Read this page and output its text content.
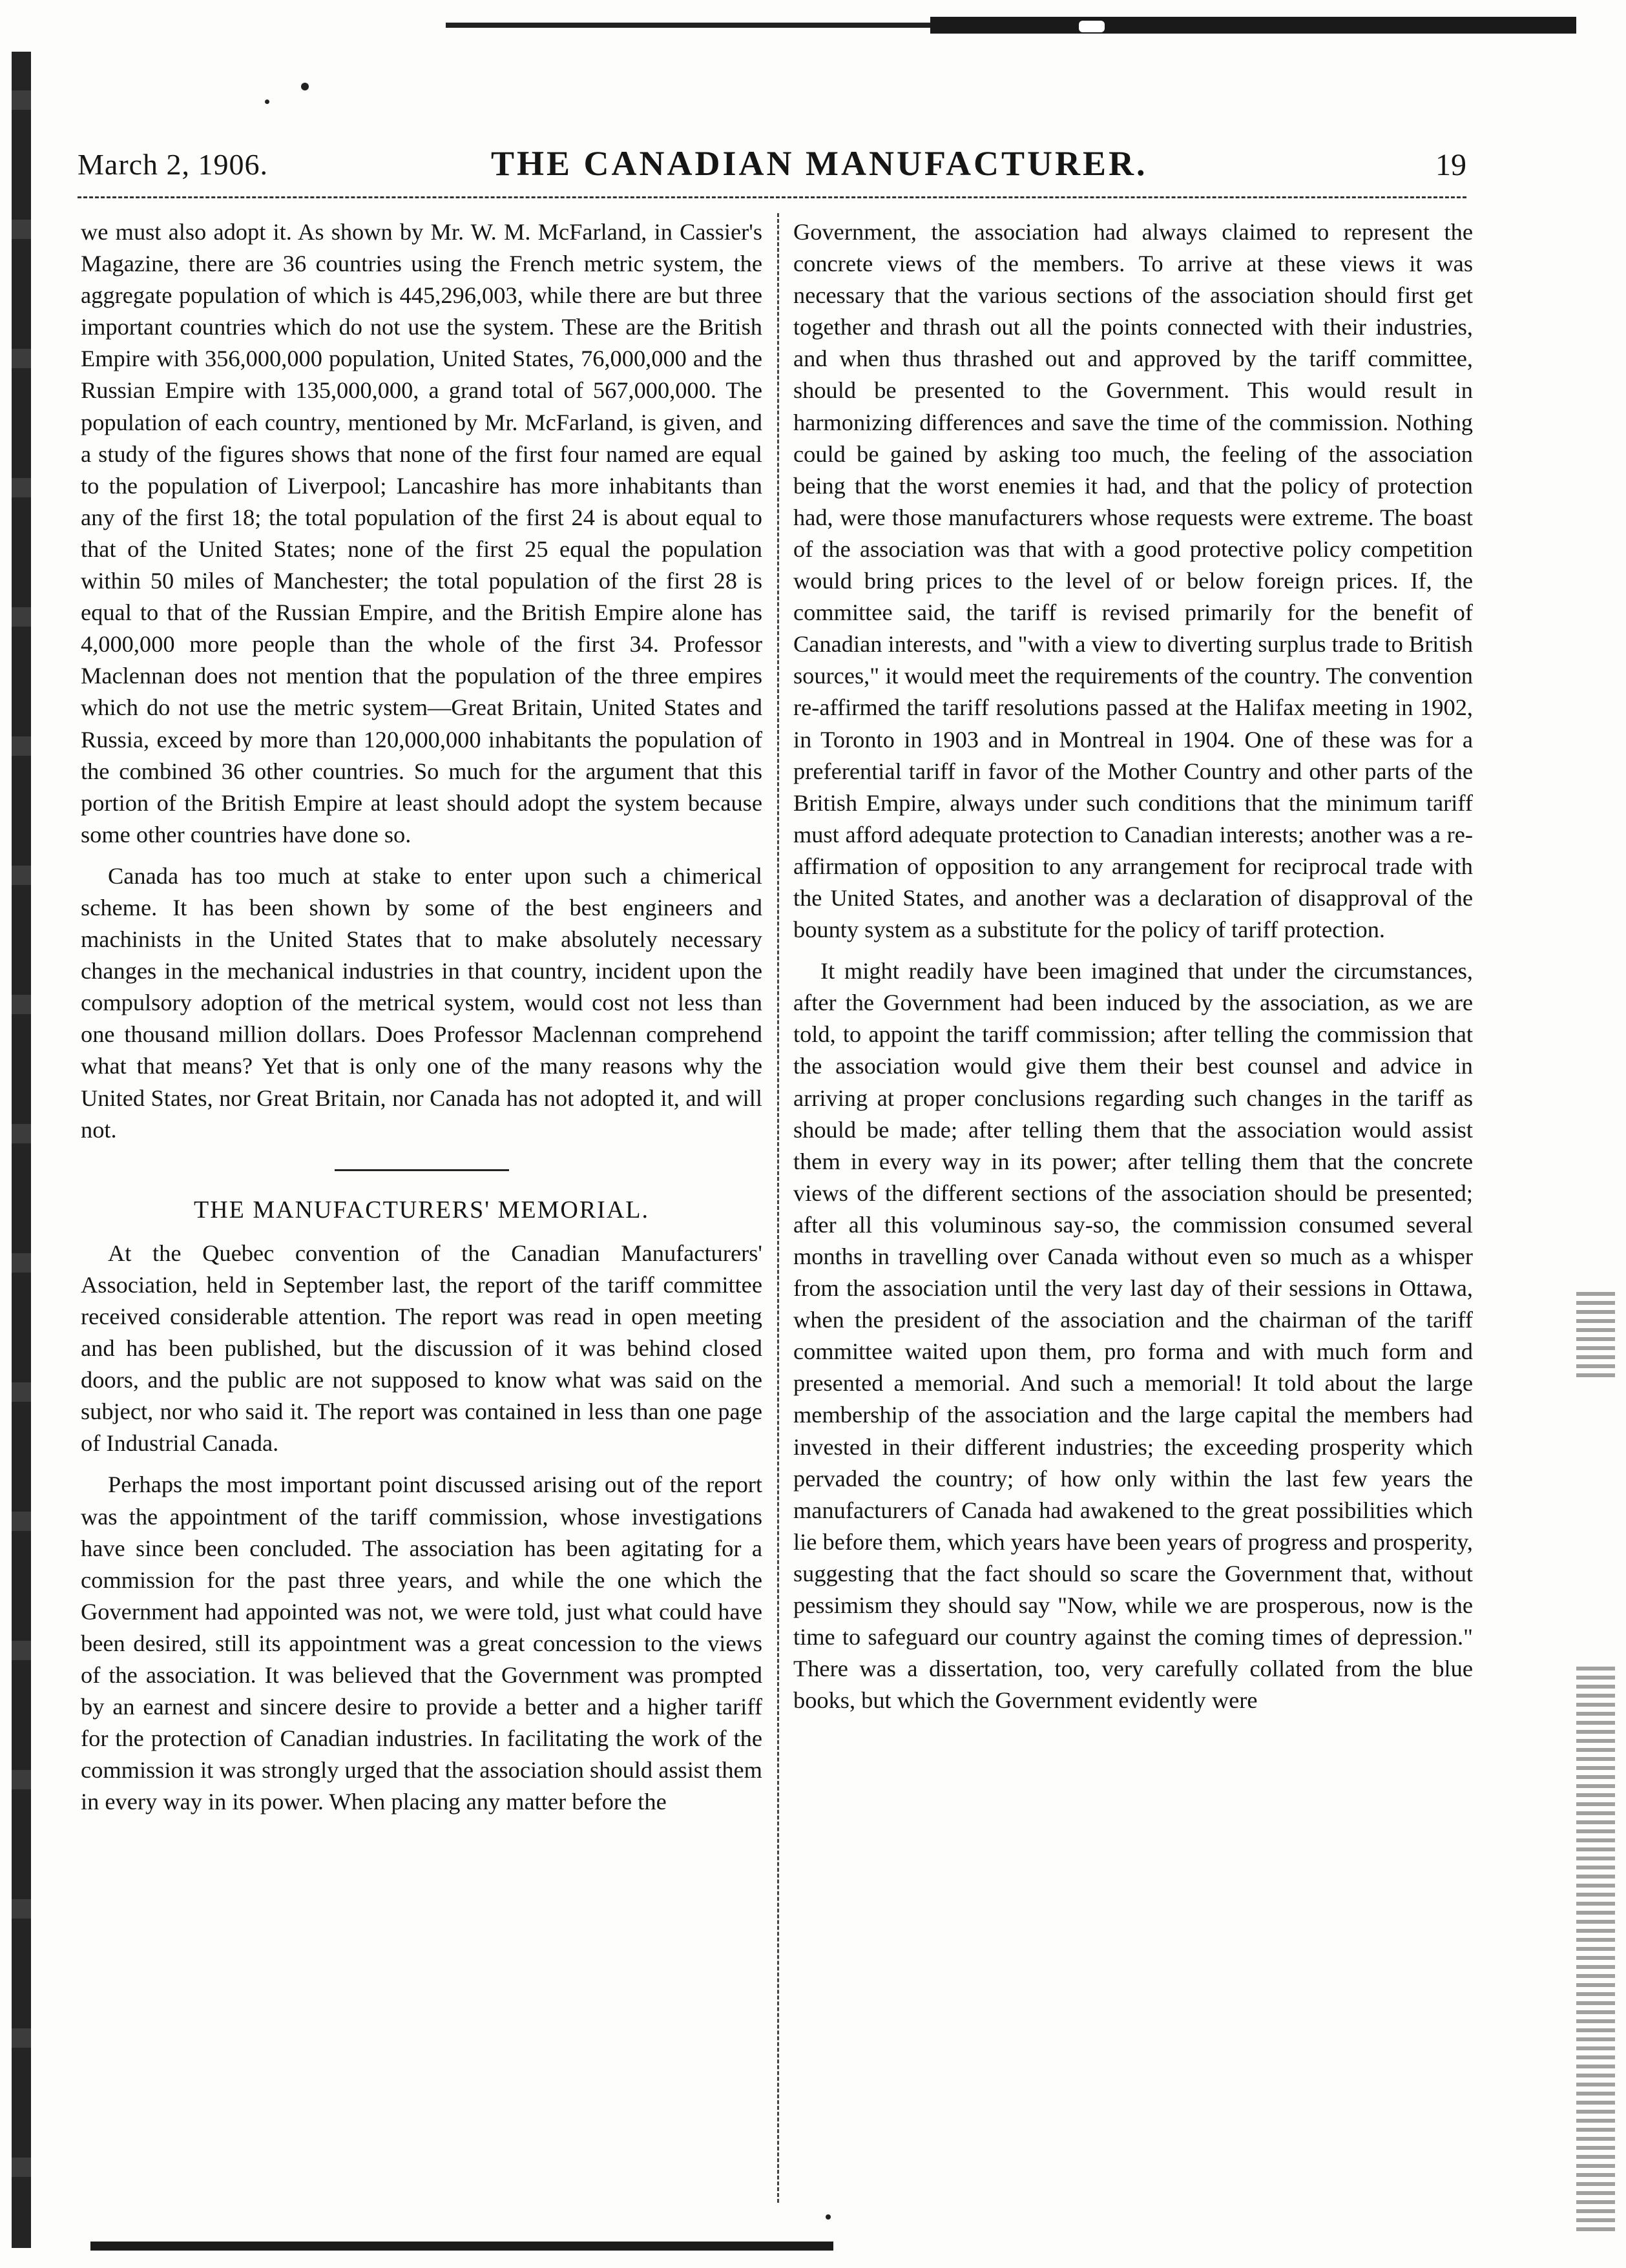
March 2, 1906.	THE CANADIAN MANUFACTURER.	19

we must also adopt it. As shown by Mr. W. M. McFarland, in Cassier's Magazine, there are 36 countries using the French metric system, the aggregate population of which is 445,296,003, while there are but three important countries which do not use the system. These are the British Empire with 356,000,000 population, United States, 76,000,000 and the Russian Empire with 135,000,000, a grand total of 567,000,000. The population of each country, mentioned by Mr. McFarland, is given, and a study of the figures shows that none of the first four named are equal to the population of Liverpool; Lancashire has more inhabitants than any of the first 18; the total population of the first 24 is about equal to that of the United States; none of the first 25 equal the population within 50 miles of Manchester; the total population of the first 28 is equal to that of the Russian Empire, and the British Empire alone has 4,000,000 more people than the whole of the first 34. Professor Maclennan does not mention that the population of the three empires which do not use the metric system—Great Britain, United States and Russia, exceed by more than 120,000,000 inhabitants the population of the combined 36 other countries. So much for the argument that this portion of the British Empire at least should adopt the system because some other countries have done so.

Canada has too much at stake to enter upon such a chimerical scheme. It has been shown by some of the best engineers and machinists in the United States that to make absolutely necessary changes in the mechanical industries in that country, incident upon the compulsory adoption of the metrical system, would cost not less than one thousand million dollars. Does Professor Maclennan comprehend what that means? Yet that is only one of the many reasons why the United States, nor Great Britain, nor Canada has not adopted it, and will not.

THE MANUFACTURERS' MEMORIAL.

At the Quebec convention of the Canadian Manufacturers' Association, held in September last, the report of the tariff committee received considerable attention. The report was read in open meeting and has been published, but the discussion of it was behind closed doors, and the public are not supposed to know what was said on the subject, nor who said it. The report was contained in less than one page of Industrial Canada.

Perhaps the most important point discussed arising out of the report was the appointment of the tariff commission, whose investigations have since been concluded. The association has been agitating for a commission for the past three years, and while the one which the Government had appointed was not, we were told, just what could have been desired, still its appointment was a great concession to the views of the association. It was believed that the Government was prompted by an earnest and sincere desire to provide a better and a higher tariff for the protection of Canadian industries. In facilitating the work of the commission it was strongly urged that the association should assist them in every way in its power. When placing any matter before the

Government, the association had always claimed to represent the concrete views of the members. To arrive at these views it was necessary that the various sections of the association should first get together and thrash out all the points connected with their industries, and when thus thrashed out and approved by the tariff committee, should be presented to the Government. This would result in harmonizing differences and save the time of the commission. Nothing could be gained by asking too much, the feeling of the association being that the worst enemies it had, and that the policy of protection had, were those manufacturers whose requests were extreme. The boast of the association was that with a good protective policy competition would bring prices to the level of or below foreign prices. If, the committee said, the tariff is revised primarily for the benefit of Canadian interests, and "with a view to diverting surplus trade to British sources," it would meet the requirements of the country. The convention re-affirmed the tariff resolutions passed at the Halifax meeting in 1902, in Toronto in 1903 and in Montreal in 1904. One of these was for a preferential tariff in favor of the Mother Country and other parts of the British Empire, always under such conditions that the minimum tariff must afford adequate protection to Canadian interests; another was a re-affirmation of opposition to any arrangement for reciprocal trade with the United States, and another was a declaration of disapproval of the bounty system as a substitute for the policy of tariff protection.

It might readily have been imagined that under the circumstances, after the Government had been induced by the association, as we are told, to appoint the tariff commission; after telling the commission that the association would give them their best counsel and advice in arriving at proper conclusions regarding such changes in the tariff as should be made; after telling them that the association would assist them in every way in its power; after telling them that the concrete views of the different sections of the association should be presented; after all this voluminous say-so, the commission consumed several months in travelling over Canada without even so much as a whisper from the association until the very last day of their sessions in Ottawa, when the president of the association and the chairman of the tariff committee waited upon them, pro forma and with much form and presented a memorial. And such a memorial! It told about the large membership of the association and the large capital the members had invested in their different industries; the exceeding prosperity which pervaded the country; of how only within the last few years the manufacturers of Canada had awakened to the great possibilities which lie before them, which years have been years of progress and prosperity, suggesting that the fact should so scare the Government that, without pessimism they should say "Now, while we are prosperous, now is the time to safeguard our country against the coming times of depression." There was a dissertation, too, very carefully collated from the blue books, but which the Government evidently were
